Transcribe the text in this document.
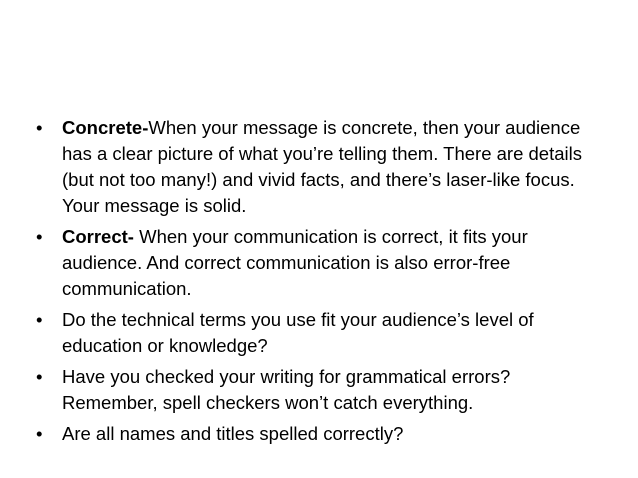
•	Concrete-When your message is concrete, then your audience has a clear picture of what you’re telling them. There are details (but not too many!) and vivid facts, and there’s laser-like focus. Your message is solid.
•	Correct- When your communication is correct, it fits your audience. And correct communication is also error-free communication.
•	Do the technical terms you use fit your audience’s level of education or knowledge?
•	Have you checked your writing for grammatical errors? Remember, spell checkers won’t catch everything.
•	Are all names and titles spelled correctly?
